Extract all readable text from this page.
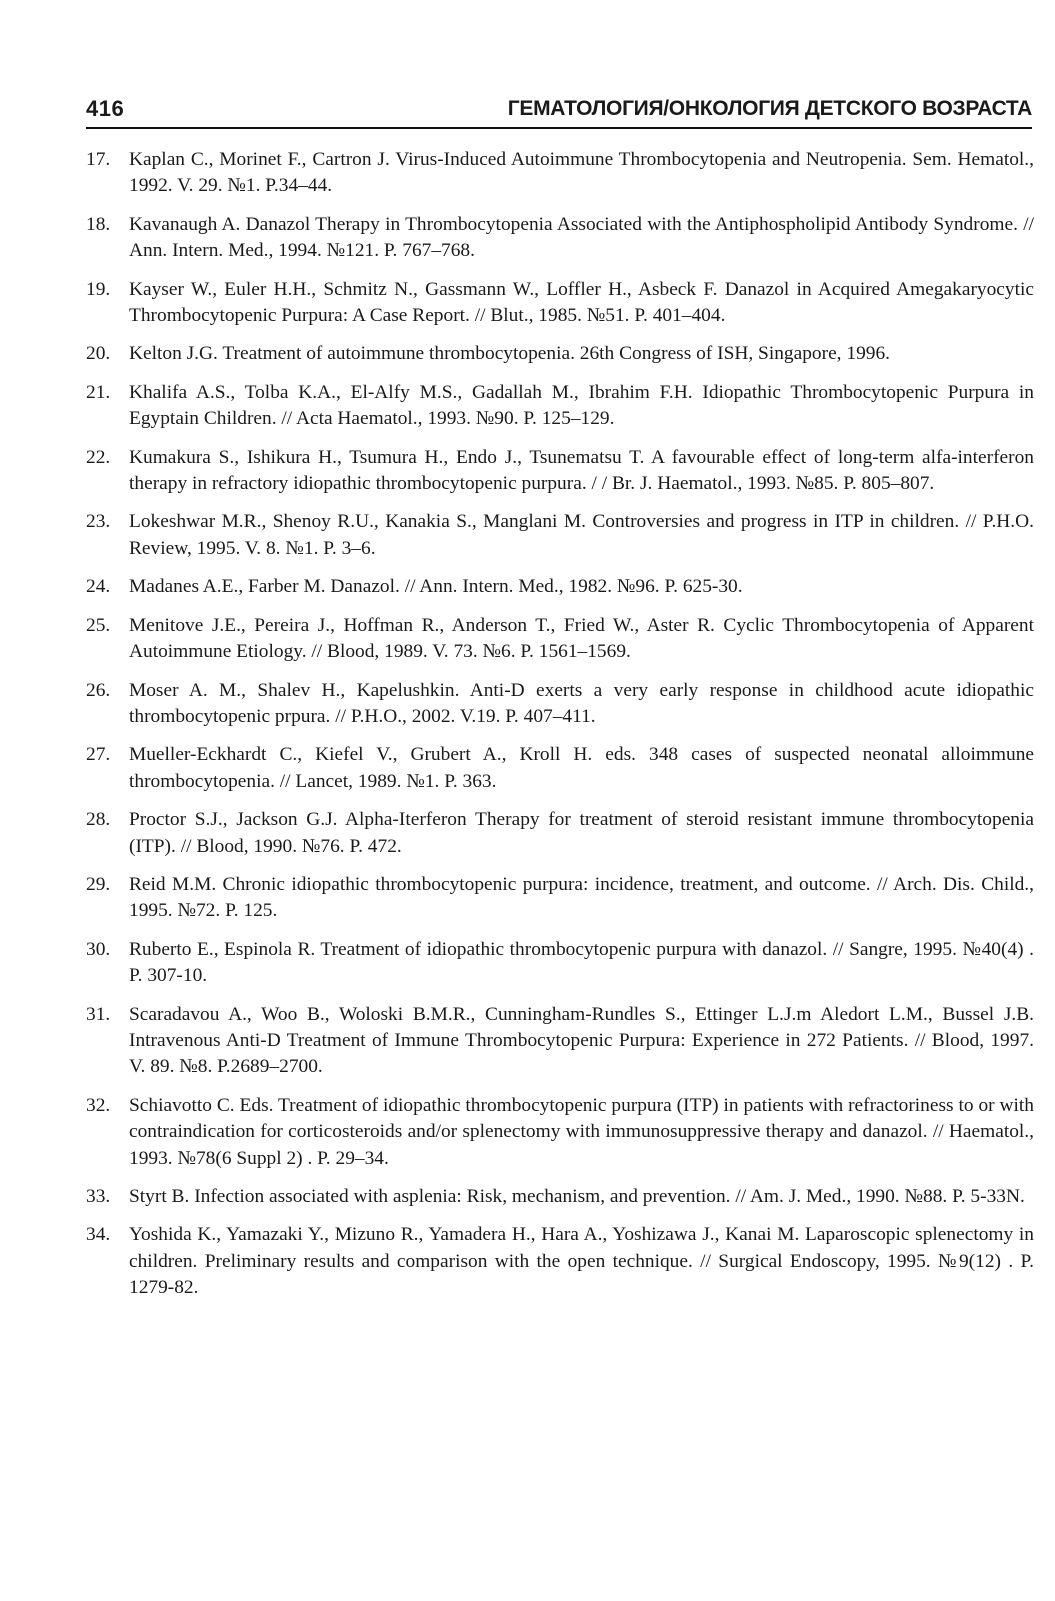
416	ГЕМАТОЛОГИЯ/ОНКОЛОГИЯ ДЕТСКОГО ВОЗРАСТА
17. Kaplan C., Morinet F., Cartron J. Virus-Induced Autoimmune Thrombocytopenia and Neutropenia. Sem. Hematol., 1992. V. 29. №1. P.34–44.
18. Kavanaugh A. Danazol Therapy in Thrombocytopenia Associated with the Antiphospholipid Antibody Syndrome. // Ann. Intern. Med., 1994. №121. P. 767–768.
19. Kayser W., Euler H.H., Schmitz N., Gassmann W., Loffler H., Asbeck F. Danazol in Acquired Amegakaryocytic Thrombocytopenic Purpura: A Case Report. // Blut., 1985. №51. P. 401–404.
20. Kelton J.G. Treatment of autoimmune thrombocytopenia. 26th Congress of ISH, Singapore, 1996.
21. Khalifa A.S., Tolba K.A., El-Alfy M.S., Gadallah M., Ibrahim F.H. Idiopathic Thrombocytopenic Purpura in Egyptain Children. // Acta Haematol., 1993. №90. P. 125–129.
22. Kumakura S., Ishikura H., Tsumura H., Endo J., Tsunematsu T. A favourable effect of long-term alfa-interferon therapy in refractory idiopathic thrombocytopenic purpura. / / Br. J. Haematol., 1993. №85. P. 805–807.
23. Lokeshwar M.R., Shenoy R.U., Kanakia S., Manglani M. Controversies and progress in ITP in children. // P.H.O. Review, 1995. V. 8. №1. P. 3–6.
24. Madanes A.E., Farber M. Danazol. // Ann. Intern. Med., 1982. №96. P. 625-30.
25. Menitove J.E., Pereira J., Hoffman R., Anderson T., Fried W., Aster R. Cyclic Thrombocytopenia of Apparent Autoimmune Etiology. // Blood, 1989. V. 73. №6. P. 1561–1569.
26. Moser A. M., Shalev H., Kapelushkin. Anti-D exerts a very early response in childhood acute idiopathic thrombocytopenic prpura. // P.H.O., 2002. V.19. P. 407–411.
27. Mueller-Eckhardt C., Kiefel V., Grubert A., Kroll H. eds. 348 cases of suspected neonatal alloimmune thrombocytopenia. // Lancet, 1989. №1. P. 363.
28. Proctor S.J., Jackson G.J. Alpha-Iterferon Therapy for treatment of steroid resistant immune thrombocytopenia (ITP). // Blood, 1990. №76. P. 472.
29. Reid M.M. Chronic idiopathic thrombocytopenic purpura: incidence, treatment, and outcome. // Arch. Dis. Child., 1995. №72. P. 125.
30. Ruberto E., Espinola R. Treatment of idiopathic thrombocytopenic purpura with danazol. // Sangre, 1995. №40(4) . P. 307-10.
31. Scaradavou A., Woo B., Woloski B.M.R., Cunningham-Rundles S., Ettinger L.J.m Aledort L.M., Bussel J.B. Intravenous Anti-D Treatment of Immune Thrombocytopenic Purpura: Experience in 272 Patients. // Blood, 1997. V. 89. №8. P.2689–2700.
32. Schiavotto C. Eds. Treatment of idiopathic thrombocytopenic purpura (ITP) in patients with refractoriness to or with contraindication for corticosteroids and/or splenectomy with immunosuppressive therapy and danazol. // Haematol., 1993. №78(6 Suppl 2) . P. 29–34.
33. Styrt B. Infection associated with asplenia: Risk, mechanism, and prevention. // Am. J. Med., 1990. №88. P. 5-33N.
34. Yoshida K., Yamazaki Y., Mizuno R., Yamadera H., Hara A., Yoshizawa J., Kanai M. Laparoscopic splenectomy in children. Preliminary results and comparison with the open technique. // Surgical Endoscopy, 1995. №9(12) . P. 1279-82.
